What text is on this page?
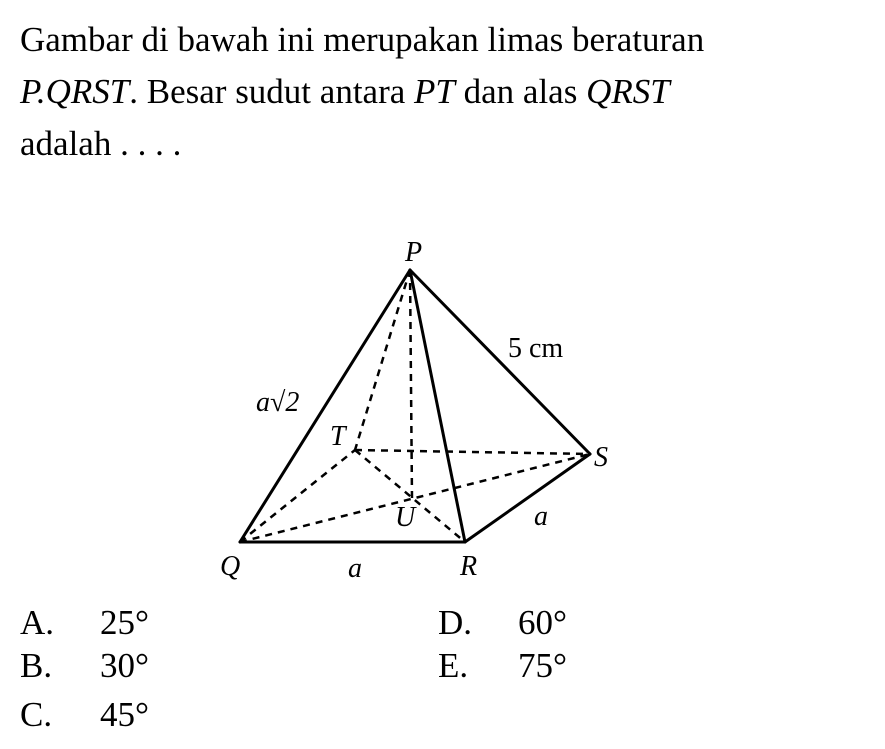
Gambar di bawah ini merupakan limas beraturan
P.QRST. Besar sudut antara PT dan alas QRST
adalah . . . .
P
T
S
U
Q	R
a√2
5 cm
a
a
A. 25°
B. 30°
C. 45°
D. 60°
E. 75°
